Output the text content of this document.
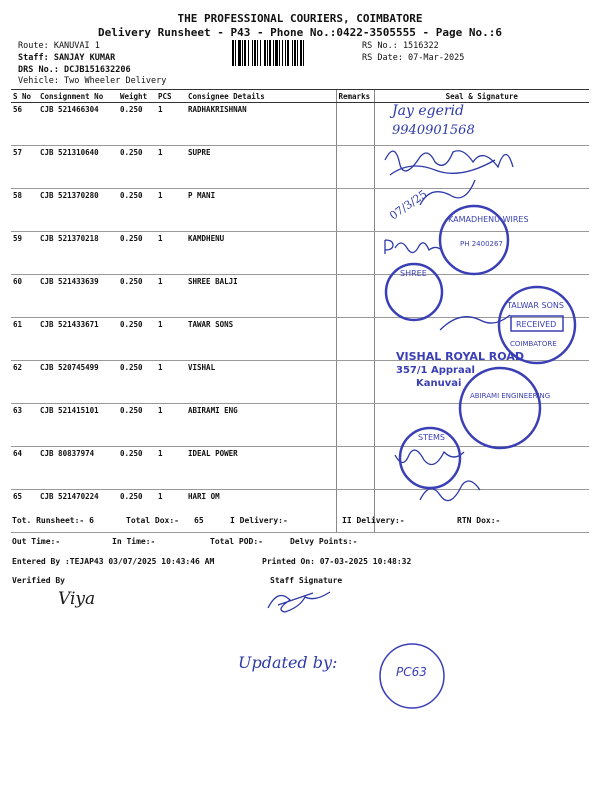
THE PROFESSIONAL COURIERS, COIMBATORE
Delivery Runsheet - P43 - Phone No.:0422-3505555 - Page No.:6
Route: KANUVAI 1
Staff: SANJAY KUMAR
DRS No.: DCJB151632206
Vehicle: Two Wheeler Delivery
RS No.: 1516322
RS Date: 07-Mar-2025
S No	Consignment No	Weight	PCS	Consignee Details	Remarks	Seal & Signature
56	CJB 521466304	0.250	1	RADHAKRISHNAN		
57	CJB 521310640	0.250	1	SUPRE		
58	CJB 521370280	0.250	1	P MANI		
59	CJB 521370218	0.250	1	KAMDHENU		
60	CJB 521433639	0.250	1	SHREE BALJI		
61	CJB 521433671	0.250	1	TAWAR SONS		
62	CJB 520745499	0.250	1	VISHAL		
63	CJB 521415101	0.250	1	ABIRAMI ENG		
64	CJB 80837974	0.250	1	IDEAL POWER		
65	CJB 521470224	0.250	1	HARI OM		
Jay egerid
9940901568
07/3/25
Viya
Updated by:
KAMADHENU WIRES
PH 2400267
SHREE
TALWAR SONS
RECEIVED
COIMBATORE
VISHAL ROYAL ROAD
357/1 Appraal
Kanuvai
ABIRAMI ENGINEERING
STEMS
PC63
Tot. Runsheet:- 6	Total Dox:- 65	I Delivery:-	II Delivery:-	RTN Dox:-
Out Time:-	In Time:-	Total POD:-	Delvy Points:-
Entered By :TEJAP43 03/07/2025 10:43:46 AM	Printed On: 07-03-2025 10:48:32
Verified By	Staff Signature
